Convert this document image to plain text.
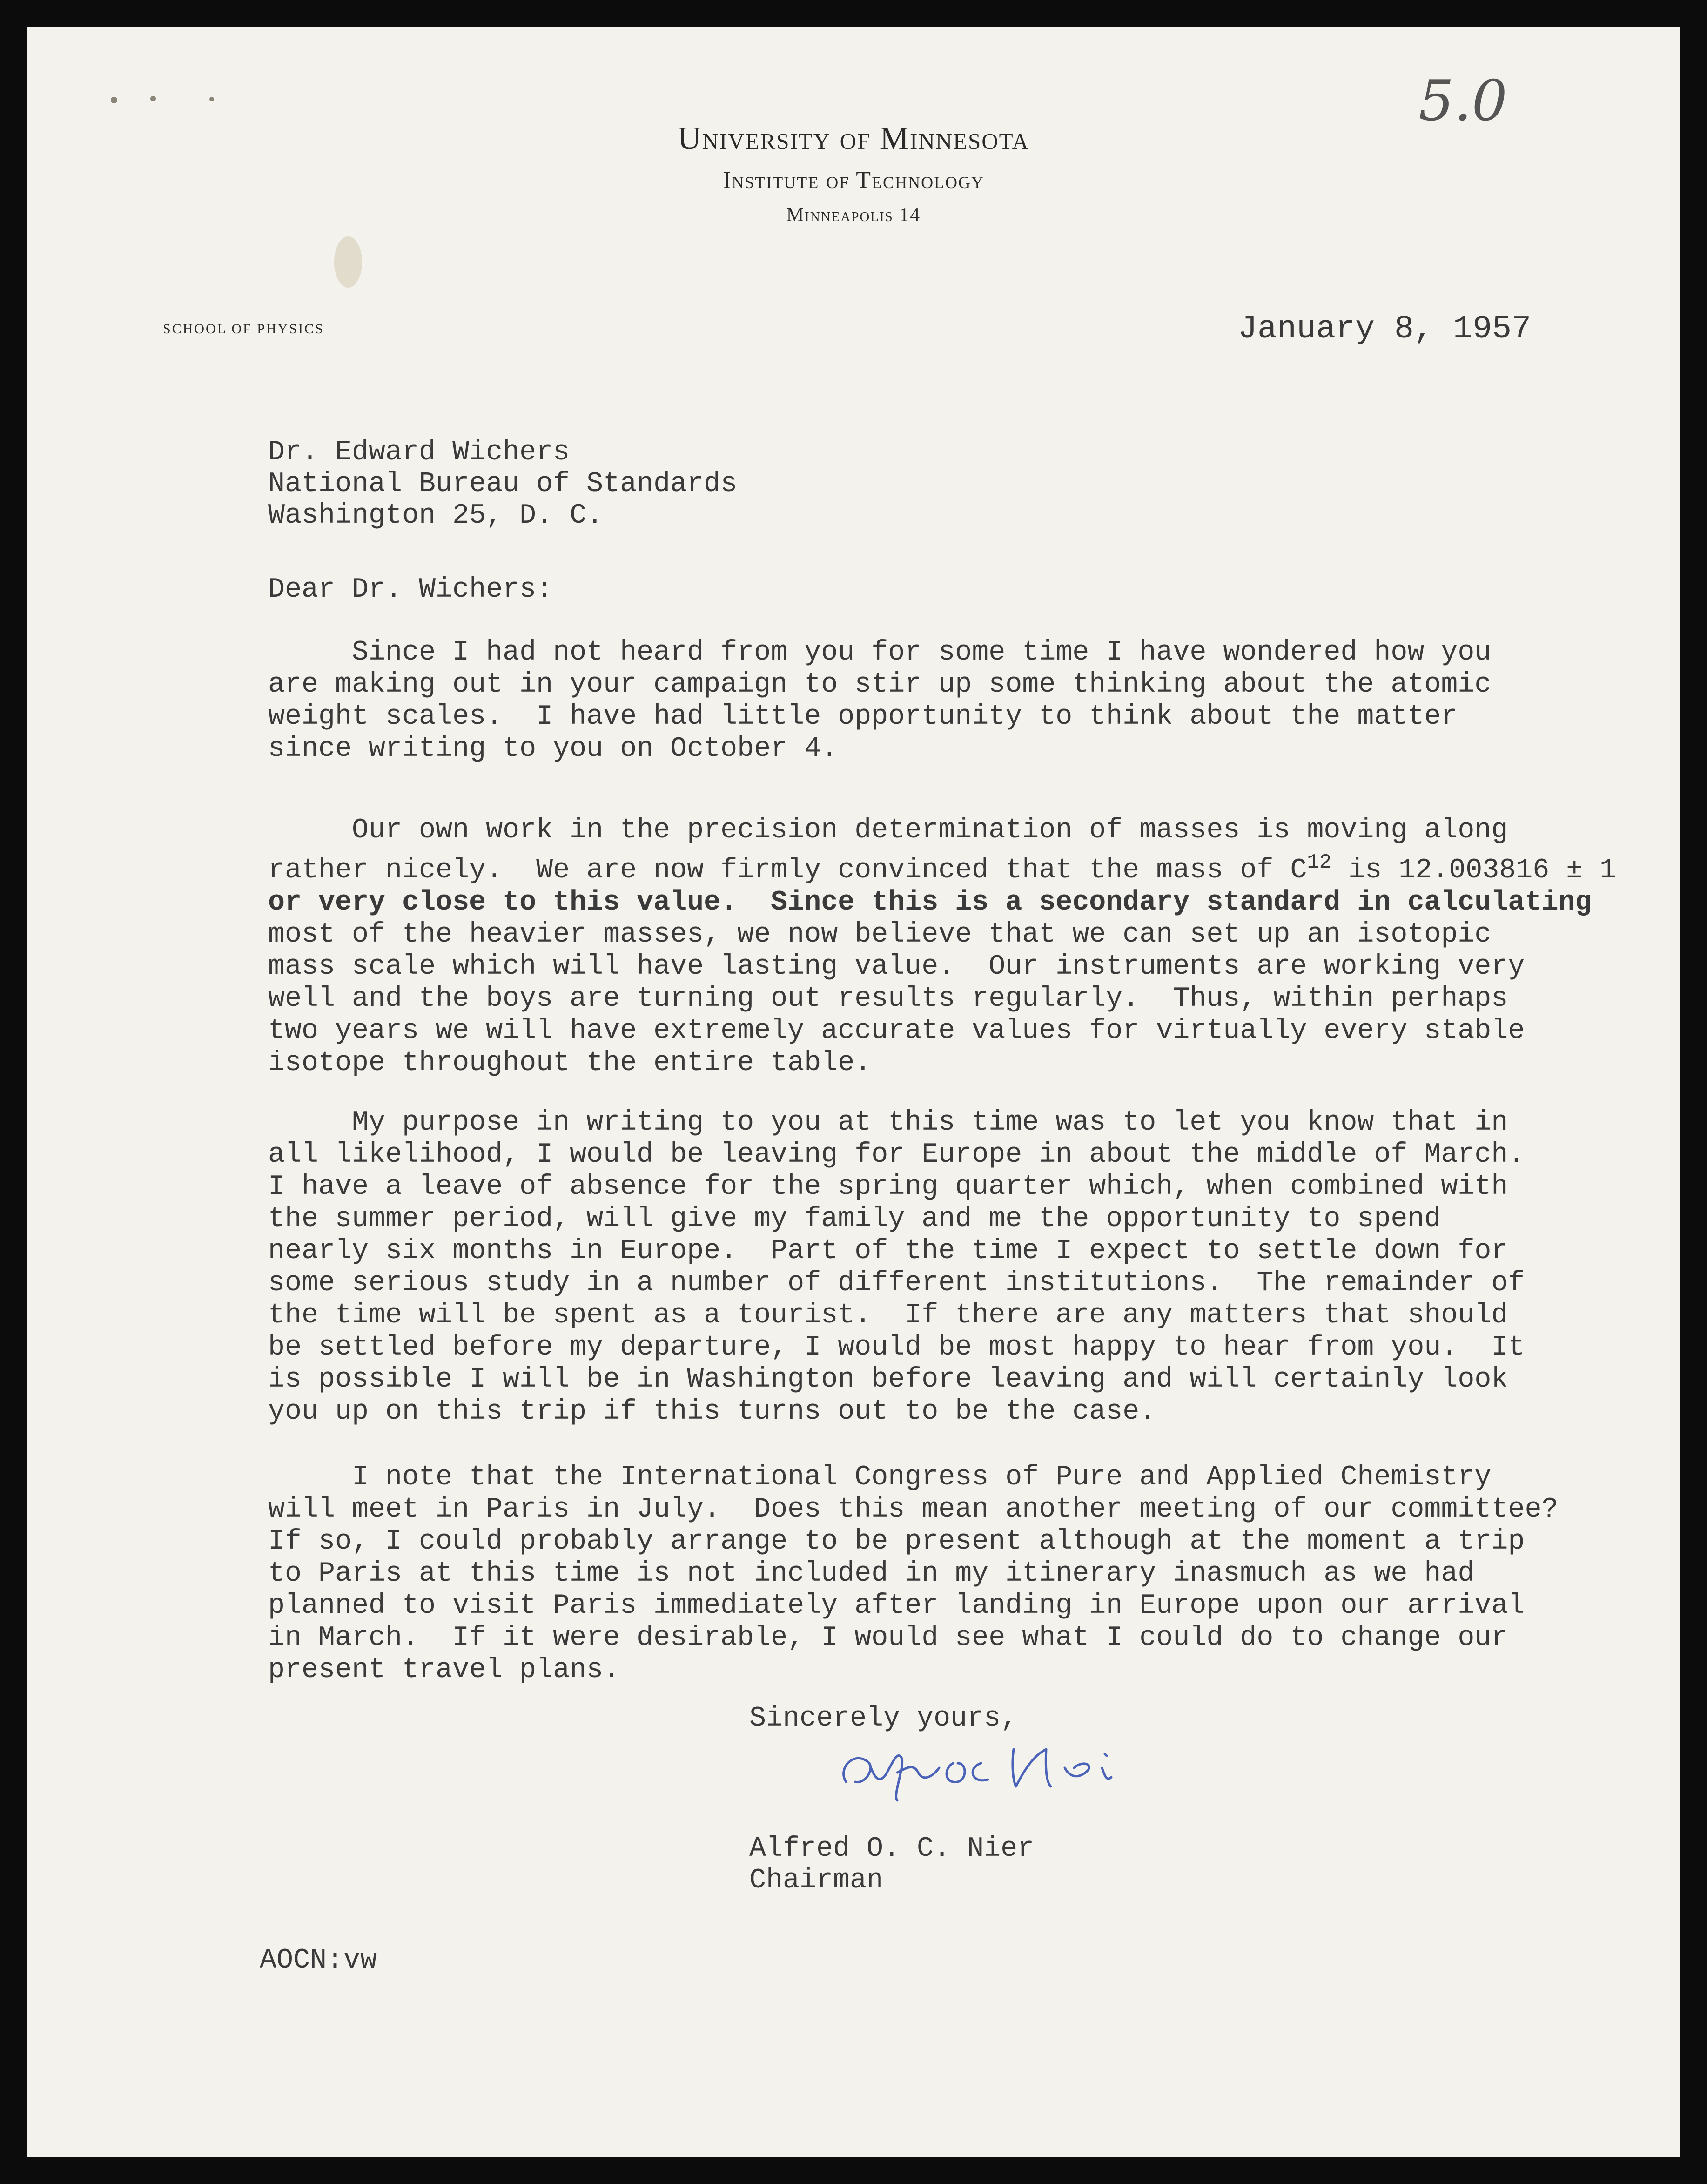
5.0
University of Minnesota
Institute of Technology
Minneapolis 14
SCHOOL OF PHYSICS	January 8, 1957
Dr. Edward Wichers
National Bureau of Standards
Washington 25, D. C.
Dear Dr. Wichers:
Since I had not heard from you for some time I have wondered how you
are making out in your campaign to stir up some thinking about the atomic
weight scales.  I have had little opportunity to think about the matter
since writing to you on October 4.
Our own work in the precision determination of masses is moving along
rather nicely.  We are now firmly convinced that the mass of $C^{12}$ is 12.003816 ± 1
or very close to this value.  Since this is a secondary standard in calculating
most of the heavier masses, we now believe that we can set up an isotopic
mass scale which will have lasting value.  Our instruments are working very
well and the boys are turning out results regularly.  Thus, within perhaps
two years we will have extremely accurate values for virtually every stable
isotope throughout the entire table.
My purpose in writing to you at this time was to let you know that in
all likelihood, I would be leaving for Europe in about the middle of March.
I have a leave of absence for the spring quarter which, when combined with
the summer period, will give my family and me the opportunity to spend
nearly six months in Europe.  Part of the time I expect to settle down for
some serious study in a number of different institutions.  The remainder of
the time will be spent as a tourist.  If there are any matters that should
be settled before my departure, I would be most happy to hear from you.  It
is possible I will be in Washington before leaving and will certainly look
you up on this trip if this turns out to be the case.
I note that the International Congress of Pure and Applied Chemistry
will meet in Paris in July.  Does this mean another meeting of our committee?
If so, I could probably arrange to be present although at the moment a trip
to Paris at this time is not included in my itinerary inasmuch as we had
planned to visit Paris immediately after landing in Europe upon our arrival
in March.  If it were desirable, I would see what I could do to change our
present travel plans.
Sincerely yours,
Alfred O. C. Nier
Chairman
AOCN:vw
